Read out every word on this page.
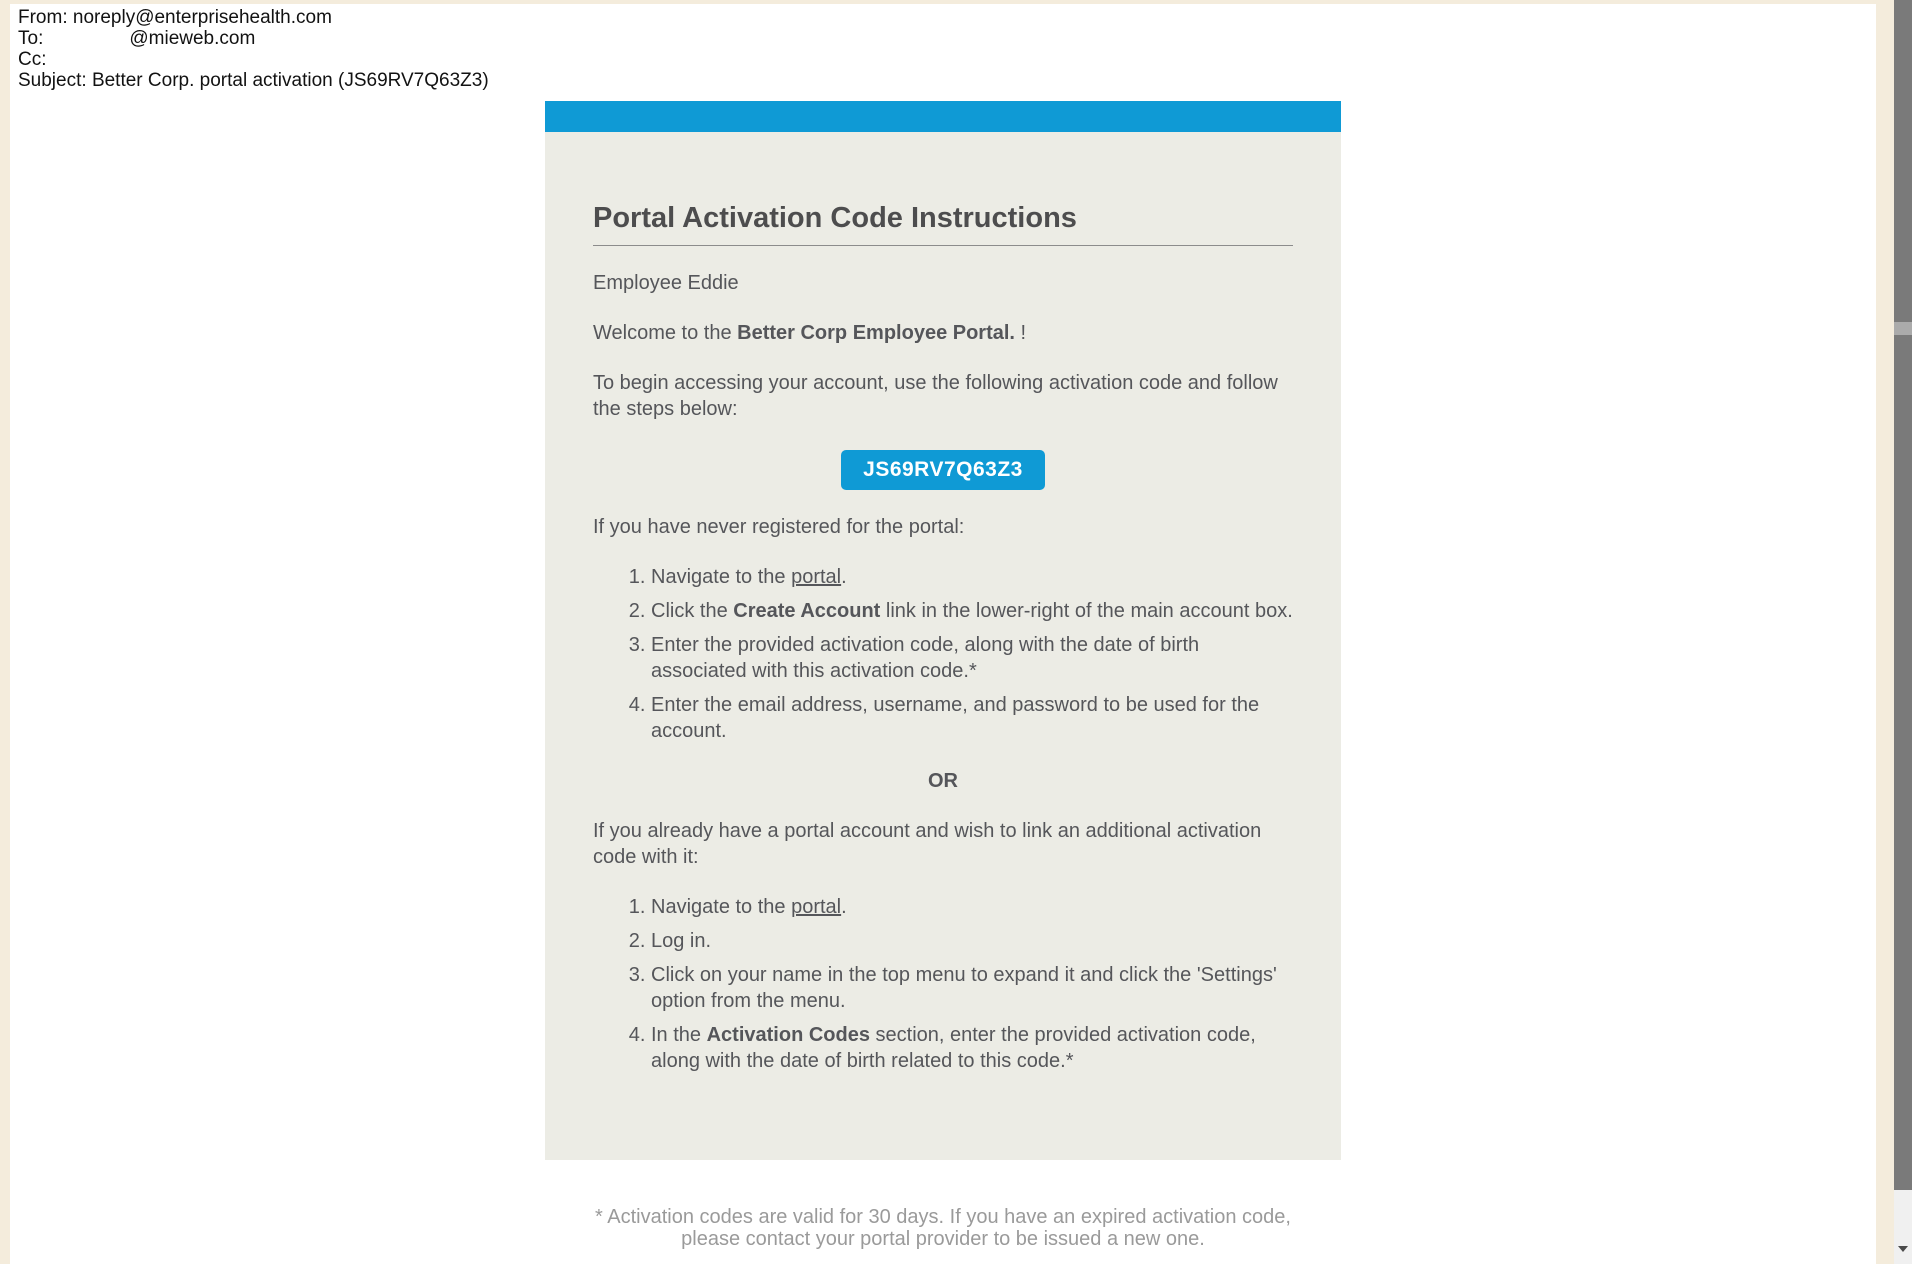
From: noreply@enterprisehealth.com
To:	@mieweb.com
Cc:
Subject: Better Corp. portal activation (JS69RV7Q63Z3)
Portal Activation Code Instructions

Employee Eddie

Welcome to the Better Corp Employee Portal. !

To begin accessing your account, use the following activation code and follow the steps below:

JS69RV7Q63Z3

If you have never registered for the portal:

1. Navigate to the portal.
2. Click the Create Account link in the lower-right of the main account box.
3. Enter the provided activation code, along with the date of birth associated with this activation code.*
4. Enter the email address, username, and password to be used for the account.

OR

If you already have a portal account and wish to link an additional activation code with it:

1. Navigate to the portal.
2. Log in.
3. Click on your name in the top menu to expand it and click the 'Settings' option from the menu.
4. In the Activation Codes section, enter the provided activation code, along with the date of birth related to this code.*
* Activation codes are valid for 30 days. If you have an expired activation code, please contact your portal provider to be issued a new one.
